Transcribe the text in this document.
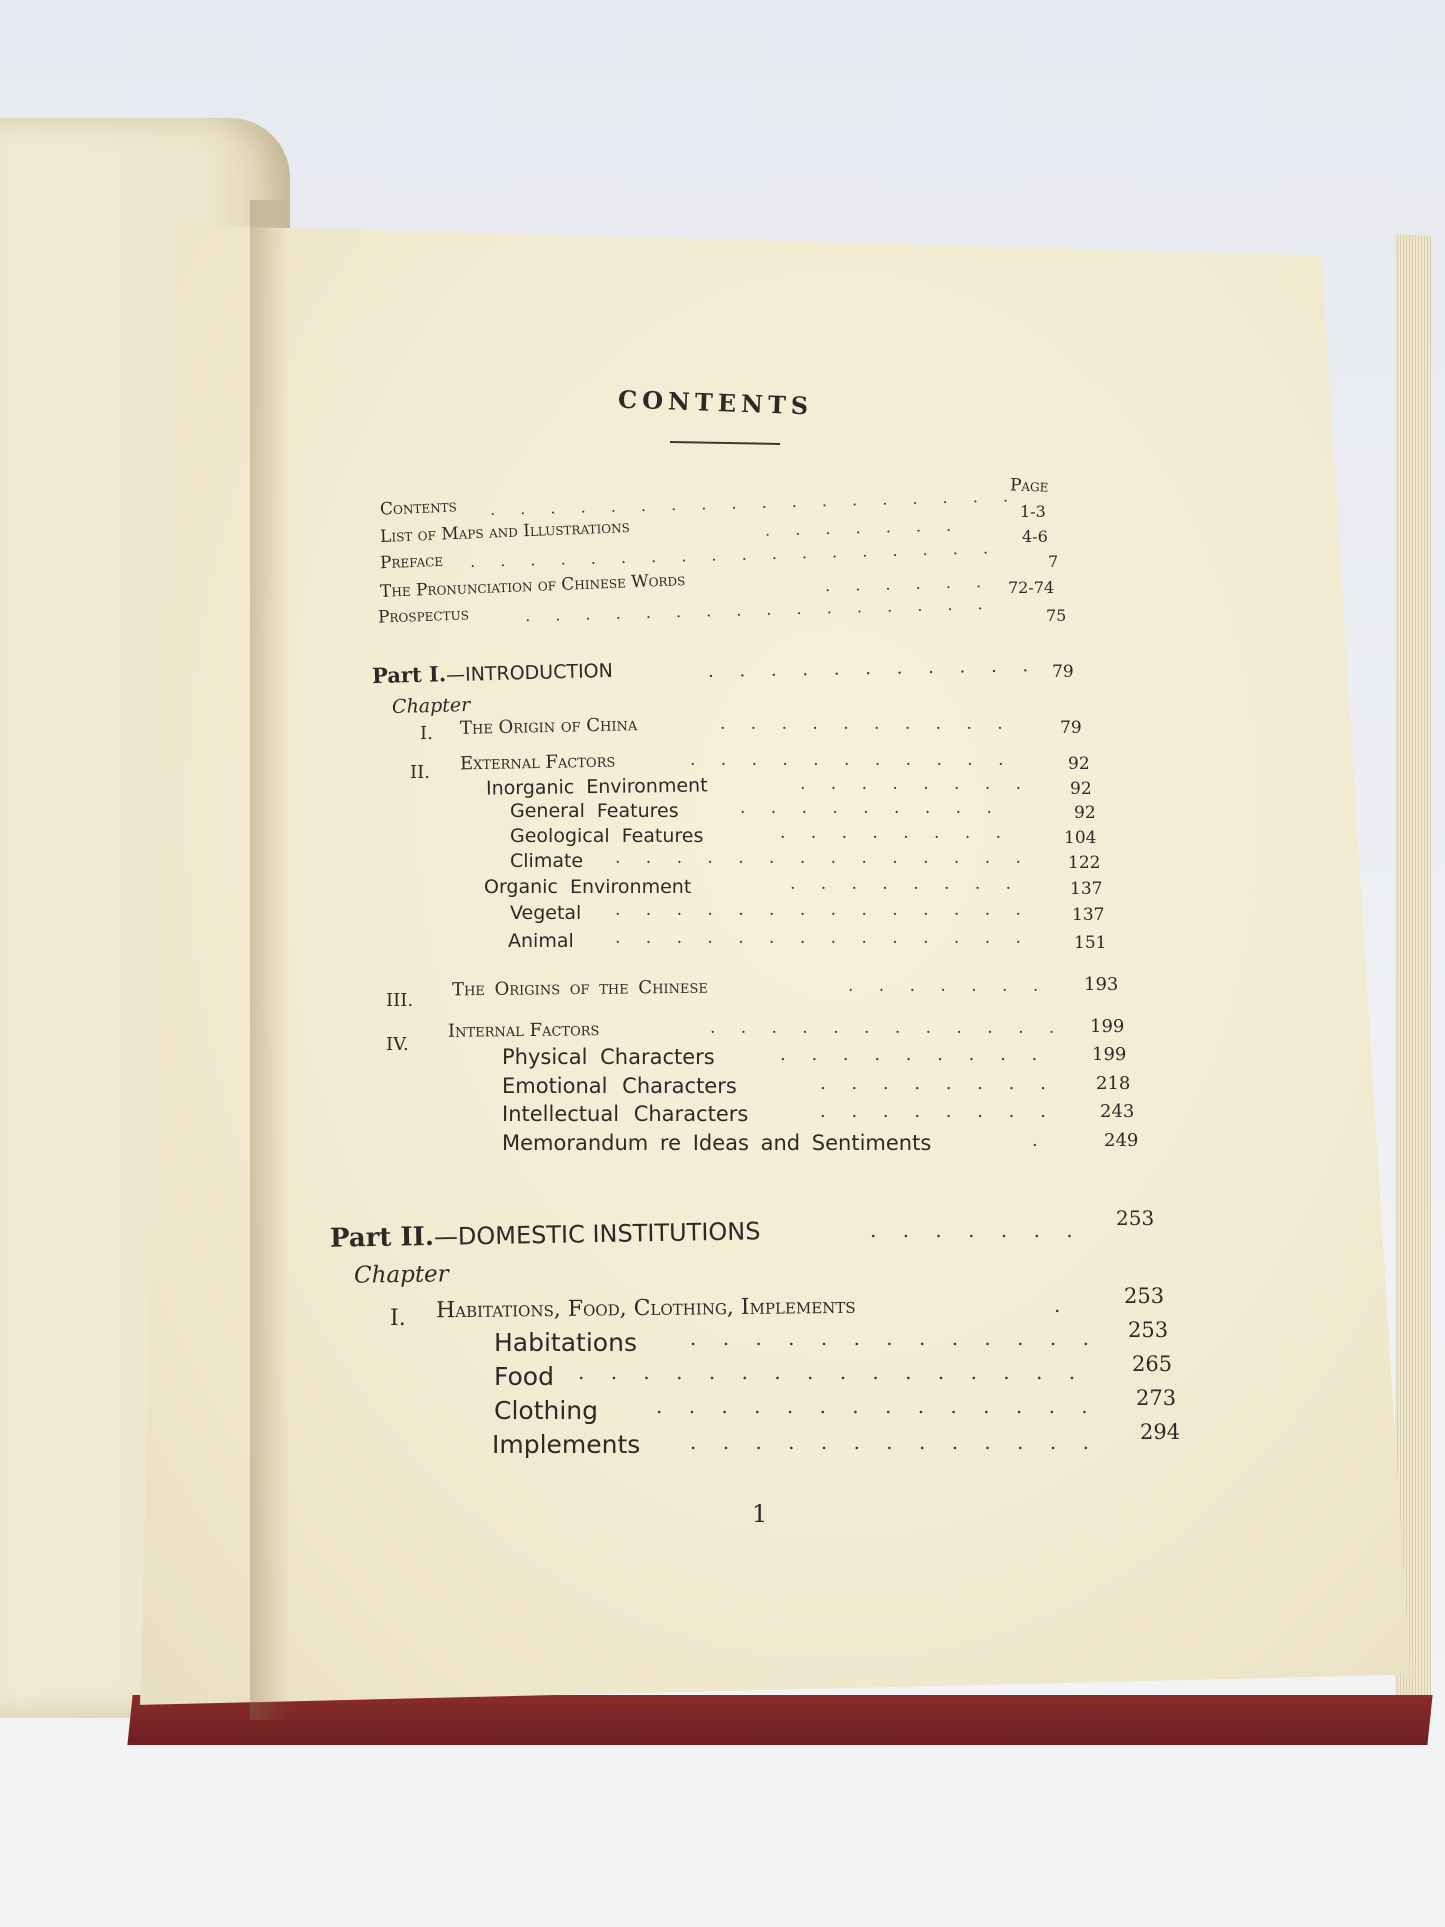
CONTENTS
Page
Contents . . . . . . . . . . . . . . . . . . 1-3
List of Maps and Illustrations	. . . . . . .	4-6
Preface . . . . . . . . . . . . . . . . . .	7
The Pronunciation of Chinese Words	. . . . . . 72-74
Prospectus	. . . . . . . . . . . . . . . .	75
Part I.—INTRODUCTION	. . . . . . . . . . . 79
Chapter
I. The Origin of China	. . . . . . . . . .	79
II. External Factors	. . . . . . . . . . .	92
Inorganic Environment	. . . . . . . . 92
General Features	. . . . . . . . .	92
Geological Features	. . . . . . . .	104
Climate . . . . . . . . . . . . . . 122
Organic Environment	. . . . . . . .	137
Vegetal . . . . . . . . . . . . . . 137
Animal . . . . . . . . . . . . . .	151
III.
The Origins of the Chinese	. . . . . . . 193
IV.
Internal Factors	. . . . . . . . . . . . 199
Physical Characters	. . . . . . . . . 199
Emotional Characters	. . . . . . . . 218
Intellectual Characters	. . . . . . . . 243
Memorandum re Ideas and Sentiments	.	249
Part II.—DOMESTIC INSTITUTIONS	. . . . . . . 253
Chapter
I. Habitations, Food, Clothing, Implements	.	253
Habitations	. . . . . . . . . . . . . 253
Food . . . . . . . . . . . . . . . . 265
Clothing	. . . . . . . . . . . . . . 273
Implements . . . . . . . . . . . . . 294
1
